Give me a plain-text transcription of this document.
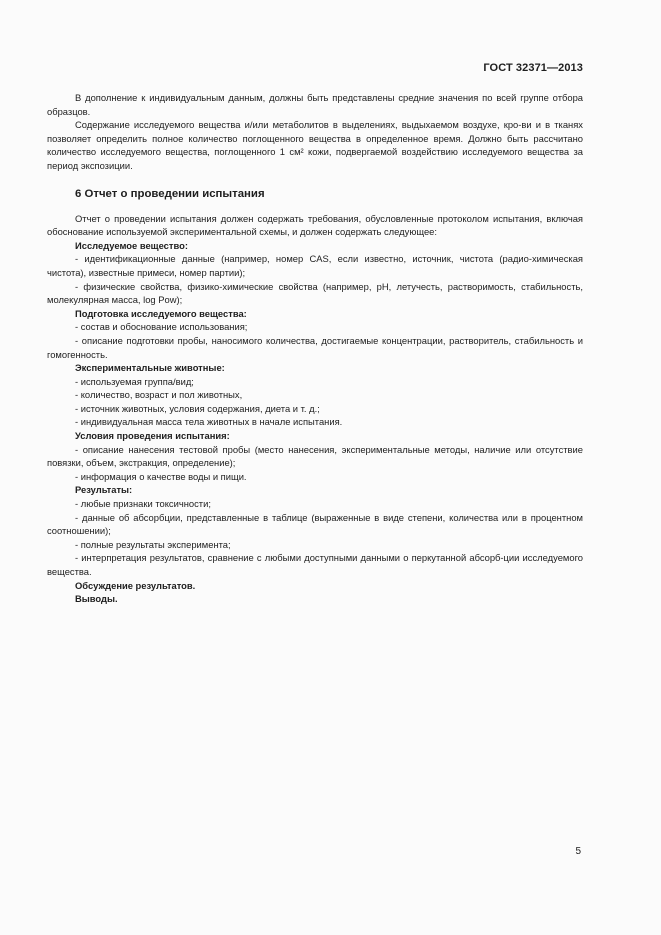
ГОСТ 32371—2013

В дополнение к индивидуальным данным, должны быть представлены средние значения по всей группе отбора образцов.

Содержание исследуемого вещества и/или метаболитов в выделениях, выдыхаемом воздухе, кро-ви и в тканях позволяет определить полное количество поглощенного вещества в определенное время. Должно быть рассчитано количество исследуемого вещества, поглощенного 1 см² кожи, подвергаемой воздействию исследуемого вещества за период экспозиции.

6 Отчет о проведении испытания

Отчет о проведении испытания должен содержать требования, обусловленные протоколом испытания, включая обоснование используемой экспериментальной схемы, и должен содержать следующее:

Исследуемое вещество:

- идентификационные данные (например, номер CAS, если известно, источник, чистота (радио-химическая чистота), известные примеси, номер партии);

- физические свойства, физико-химические свойства (например, pH, летучесть, растворимость, стабильность, молекулярная масса, log Pow);

Подготовка исследуемого вещества:

- состав и обоснование использования;

- описание подготовки пробы, наносимого количества, достигаемые концентрации, растворитель, стабильность и гомогенность.

Экспериментальные животные:

- используемая группа/вид;

- количество, возраст и пол животных,

- источник животных, условия содержания, диета и т. д.;

- индивидуальная масса тела животных в начале испытания.

Условия проведения испытания:

- описание нанесения тестовой пробы (место нанесения, экспериментальные методы, наличие или отсутствие повязки, объем, экстракция, определение);

- информация о качестве воды и пищи.

Результаты:

- любые признаки токсичности;

- данные об абсорбции, представленные в таблице (выраженные в виде степени, количества или в процентном соотношении);

- полные результаты эксперимента;

- интерпретация результатов, сравнение с любыми доступными данными о перкутанной абсорб-ции исследуемого вещества.

Обсуждение результатов.

Выводы.

5
